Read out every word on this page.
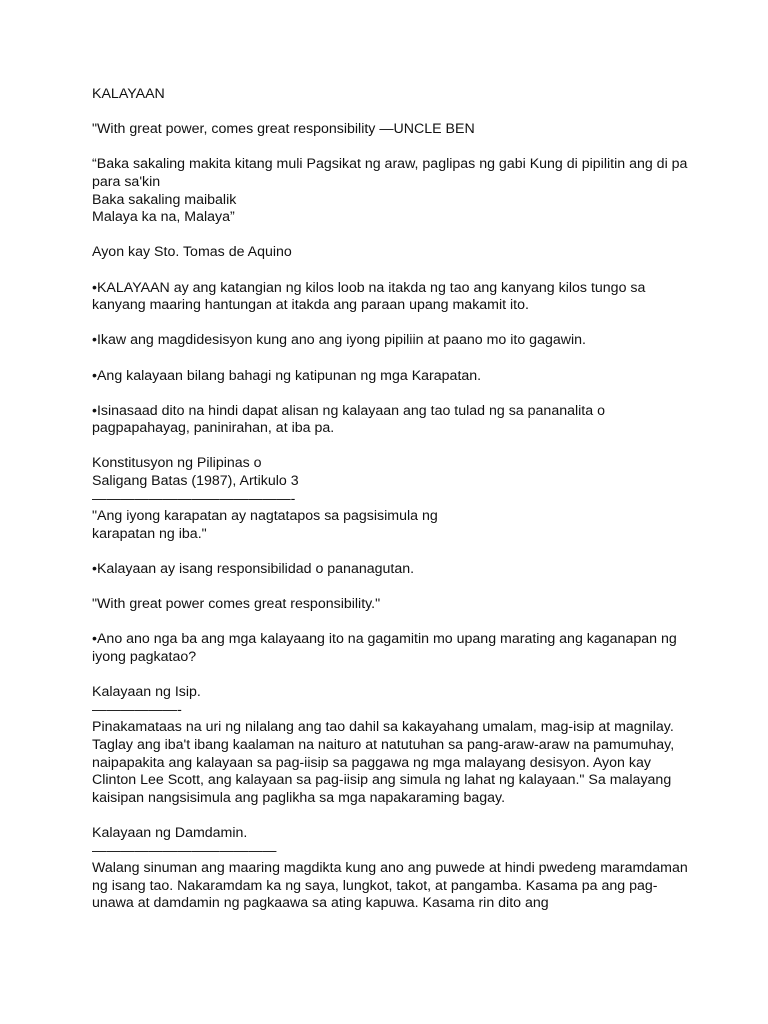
KALAYAAN

"With great power, comes great responsibility —UNCLE BEN

“Baka sakaling makita kitang muli Pagsikat ng araw, paglipas ng gabi Kung di pipilitin ang di pa para sa'kin
Baka sakaling maibalik
Malaya ka na, Malaya”

Ayon kay Sto. Tomas de Aquino

•KALAYAAN ay ang katangian ng kilos loob na itakda ng tao ang kanyang kilos tungo sa kanyang maaring hantungan at itakda ang paraan upang makamit ito.

•Ikaw ang magdidesisyon kung ano ang iyong pipiliin at paano mo ito gagawin.

•Ang kalayaan bilang bahagi ng katipunan ng mga Karapatan.

•Isinasaad dito na hindi dapat alisan ng kalayaan ang tao tulad ng sa pananalita o pagpapahayag, paninirahan, at iba pa.

Konstitusyon ng Pilipinas o
Saligang Batas (1987), Artikulo 3

——————————————-

"Ang iyong karapatan ay nagtatapos sa pagsisimula ng
karapatan ng iba."

•Kalayaan ay isang responsibilidad o pananagutan.

"With great power comes great responsibility."

•Ano ano nga ba ang mga kalayaang ito na gagamitin mo upang marating ang kaganapan ng iyong pagkatao?

Kalayaan ng Isip.

——————-

Pinakamataas na uri ng nilalang ang tao dahil sa kakayahang umalam, mag-isip at magnilay. Taglay ang iba't ibang kaalaman na naituro at natutuhan sa pang-araw-araw na pamumuhay, naipapakita ang kalayaan sa pag-iisip sa paggawa ng mga malayang desisyon. Ayon kay Clinton Lee Scott, ang kalayaan sa pag-iisip ang simula ng lahat ng kalayaan." Sa malayang kaisipan nangsisimula ang paglikha sa mga napakaraming bagay.

Kalayaan ng Damdamin.

—————————————

Walang sinuman ang maaring magdikta kung ano ang puwede at hindi pwedeng maramdaman ng isang tao. Nakaramdam ka ng saya, lungkot, takot, at pangamba. Kasama pa ang pag-unawa at damdamin ng pagkaawa sa ating kapuwa. Kasama rin dito ang
